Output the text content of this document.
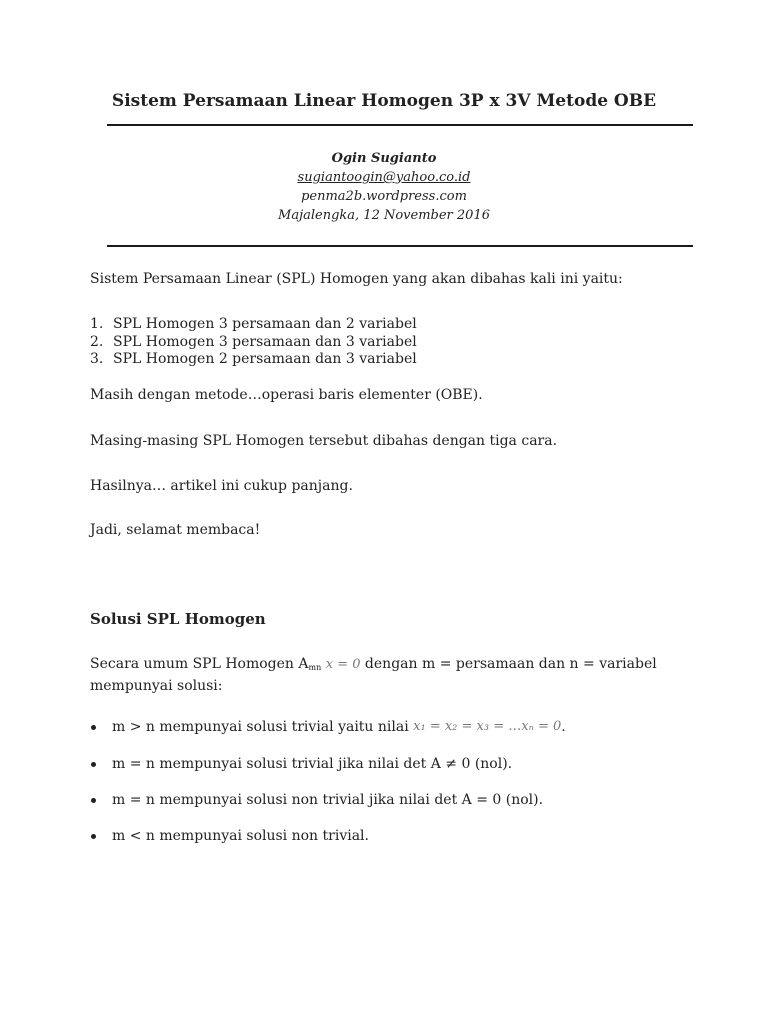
Sistem Persamaan Linear Homogen 3P x 3V Metode OBE
Ogin Sugianto
sugiantoogin@yahoo.co.id
penma2b.wordpress.com
Majalengka, 12 November 2016

Sistem Persamaan Linear (SPL) Homogen yang akan dibahas kali ini yaitu:

1. SPL Homogen 3 persamaan dan 2 variabel
2. SPL Homogen 3 persamaan dan 3 variabel
3. SPL Homogen 2 persamaan dan 3 variabel

Masih dengan metode…operasi baris elementer (OBE).

Masing-masing SPL Homogen tersebut dibahas dengan tiga cara.

Hasilnya… artikel ini cukup panjang.

Jadi, selamat membaca!

Solusi SPL Homogen

Secara umum SPL Homogen $A_{mn}$ x = 0 dengan m = persamaan dan n = variabel
mempunyai solusi:

m > n mempunyai solusi trivial yaitu nilai
x₁ = x₂ = x₃ = …xₙ = 0 .
m = n mempunyai solusi trivial jika nilai det A ≠ 0 (nol).
m = n mempunyai solusi non trivial jika nilai det A = 0 (nol).
m < n mempunyai solusi non trivial.
